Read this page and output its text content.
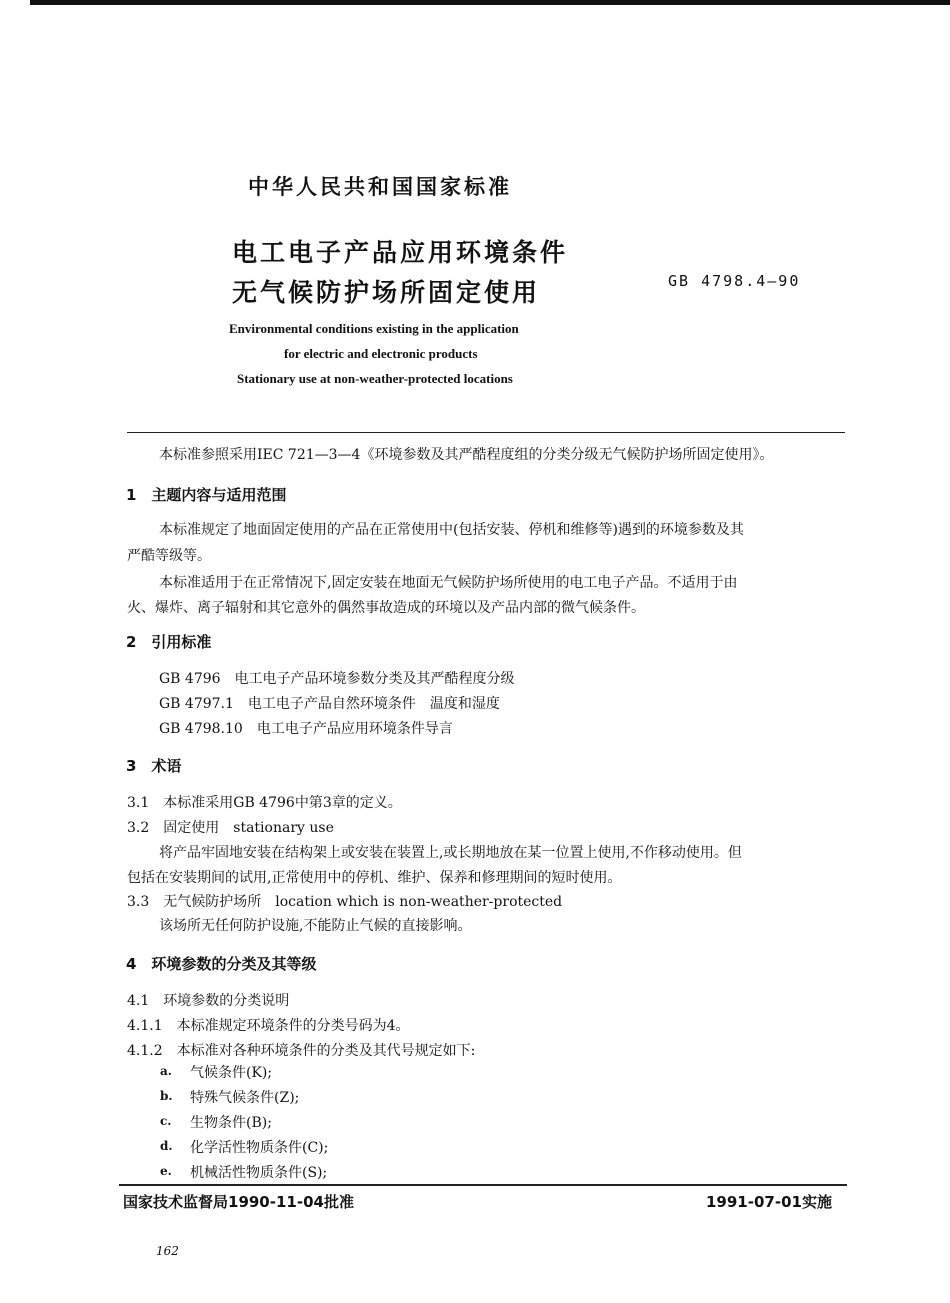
中华人民共和国国家标准
电工电子产品应用环境条件
无气候防护场所固定使用	GB 4798.4—90
Environmental conditions existing in the application
for electric and electronic products
Stationary use at non-weather-protected locations
本标准参照采用IEC 721—3—4《环境参数及其严酷程度组的分类分级无气候防护场所固定使用》。
1　主题内容与适用范围
本标准规定了地面固定使用的产品在正常使用中(包括安装、停机和维修等)遇到的环境参数及其
严酷等级等。
本标准适用于在正常情况下,固定安装在地面无气候防护场所使用的电工电子产品。不适用于由
火、爆炸、离子辐射和其它意外的偶然事故造成的环境以及产品内部的微气候条件。
2　引用标准
GB 4796　电工电子产品环境参数分类及其严酷程度分级
GB 4797.1　电工电子产品自然环境条件　温度和湿度
GB 4798.10　电工电子产品应用环境条件导言
3　术语
3.1　本标准采用GB 4796中第3章的定义。
3.2　固定使用　stationary use
将产品牢固地安装在结构架上或安装在装置上,或长期地放在某一位置上使用,不作移动使用。但
包括在安装期间的试用,正常使用中的停机、维护、保养和修理期间的短时使用。
3.3　无气候防护场所　location which is non-weather-protected
该场所无任何防护设施,不能防止气候的直接影响。
4　环境参数的分类及其等级
4.1　环境参数的分类说明
4.1.1　本标准规定环境条件的分类号码为4。
4.1.2　本标准对各种环境条件的分类及其代号规定如下:
a. 气候条件(K);
b. 特殊气候条件(Z);
c. 生物条件(B);
d. 化学活性物质条件(C);
e. 机械活性物质条件(S);
国家技术监督局1990-11-04批准	1991-07-01实施
162
